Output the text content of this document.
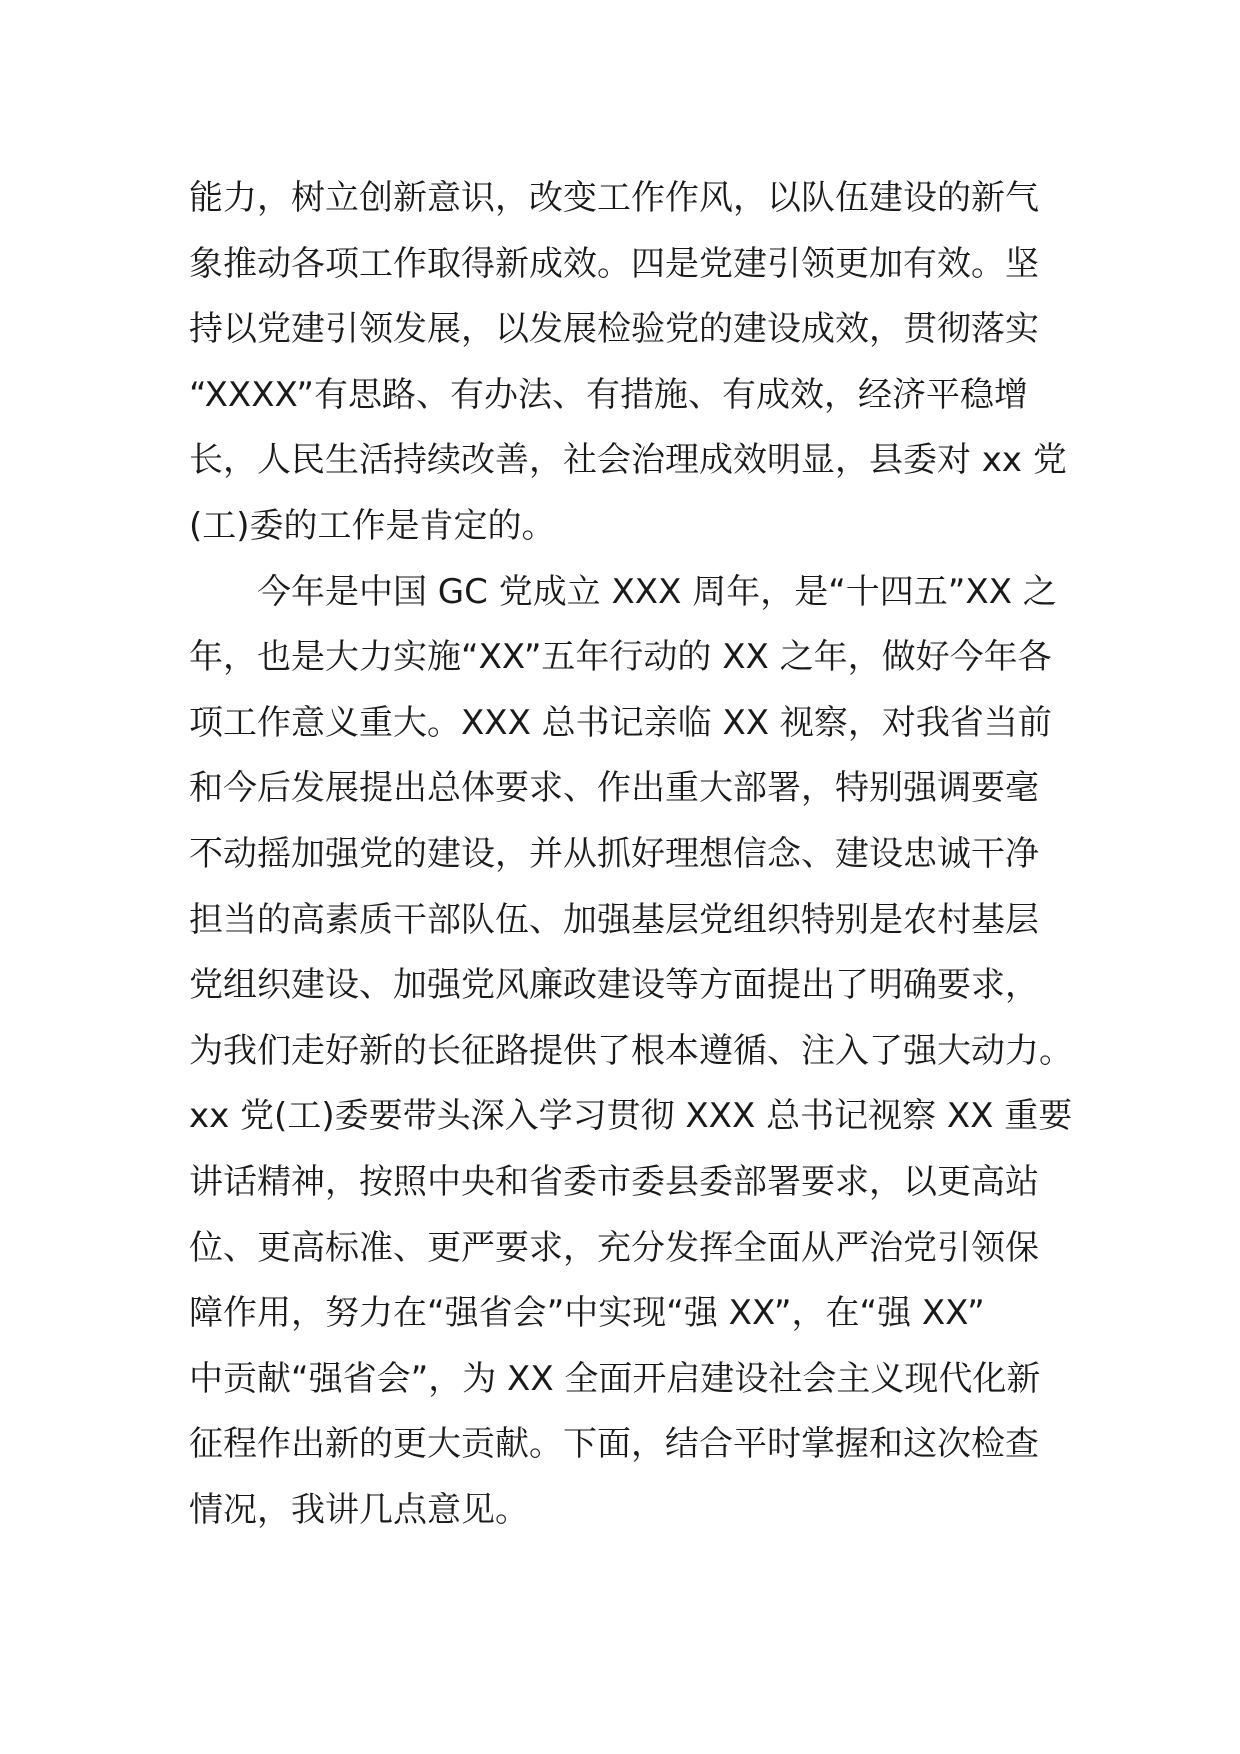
能力，树立创新意识，改变工作作风，以队伍建设的新气
象推动各项工作取得新成效。四是党建引领更加有效。坚
持以党建引领发展，以发展检验党的建设成效，贯彻落实
“XXXX”有思路、有办法、有措施、有成效，经济平稳增
长，人民生活持续改善，社会治理成效明显，县委对 xx 党
(工)委的工作是肯定的。
　　今年是中国 GC 党成立 XXX 周年，是“十四五”XX 之
年，也是大力实施“XX”五年行动的 XX 之年，做好今年各
项工作意义重大。XXX 总书记亲临 XX 视察，对我省当前
和今后发展提出总体要求、作出重大部署，特别强调要毫
不动摇加强党的建设，并从抓好理想信念、建设忠诚干净
担当的高素质干部队伍、加强基层党组织特别是农村基层
党组织建设、加强党风廉政建设等方面提出了明确要求，
为我们走好新的长征路提供了根本遵循、注入了强大动力。
xx 党(工)委要带头深入学习贯彻 XXX 总书记视察 XX 重要
讲话精神，按照中央和省委市委县委部署要求，以更高站
位、更高标准、更严要求，充分发挥全面从严治党引领保
障作用，努力在“强省会”中实现“强 XX”，在“强 XX”
中贡献“强省会”，为 XX 全面开启建设社会主义现代化新
征程作出新的更大贡献。下面，结合平时掌握和这次检查
情况，我讲几点意见。
